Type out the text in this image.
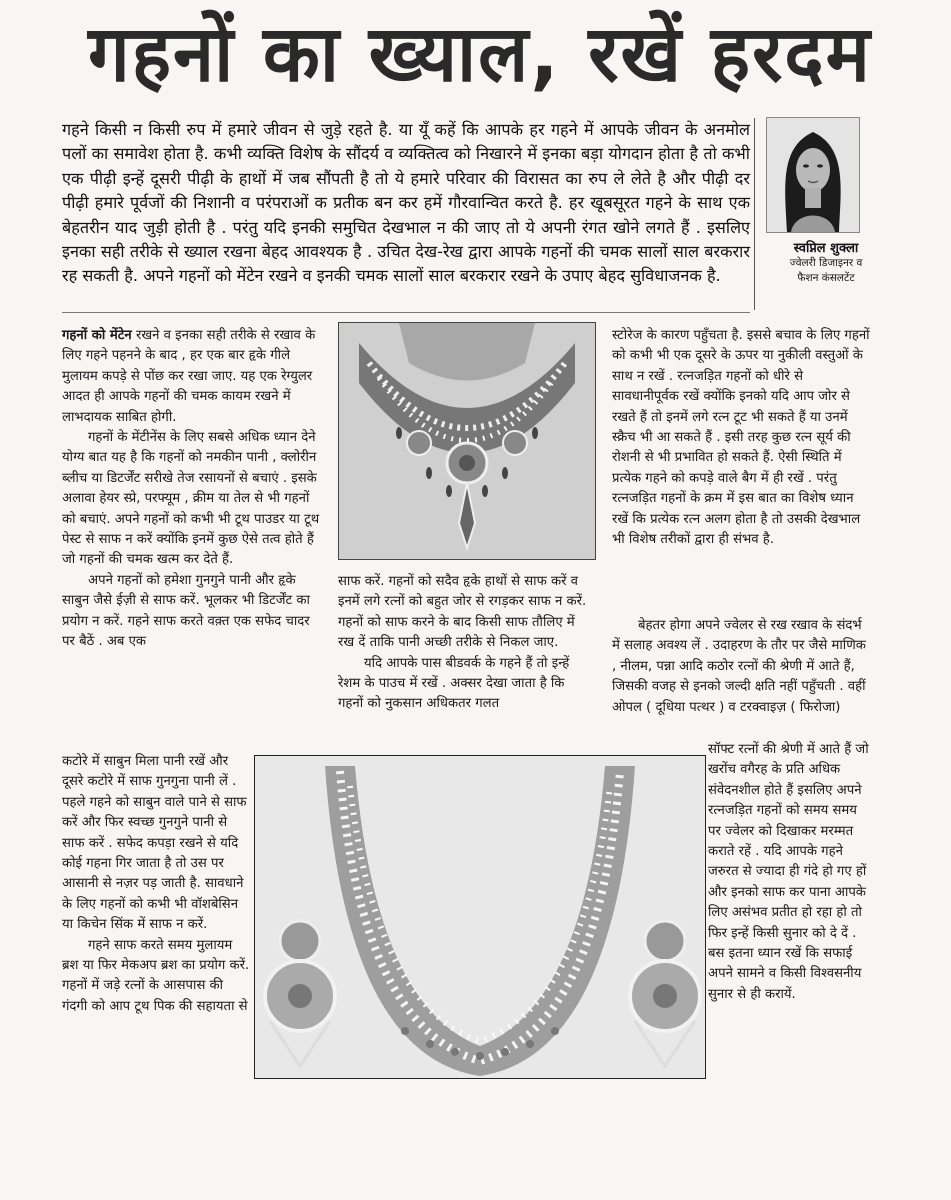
गहनों का ख्याल, रखें हरदम
गहने किसी न किसी रुप में हमारे जीवन से जुड़े रहते है. या यूँ कहें कि आपके हर गहने में आपके जीवन के अनमोल पलों का समावेश होता है. कभी व्यक्ति विशेष के सौंदर्य व व्यक्तित्व को निखारने में इनका बड़ा योगदान होता है तो कभी एक पीढ़ी इन्हें दूसरी पीढ़ी के हाथों में जब सौंपती है तो ये हमारे परिवार की विरासत का रुप ले लेते है और पीढ़ी दर पीढ़ी हमारे पूर्वजों की निशानी व परंपराओं क प्रतीक बन कर हमें गौरवान्वित करते है. हर खूबसूरत गहने के साथ एक बेहतरीन याद जुड़ी होती है . परंतु यदि इनकी समुचित देखभाल न की जाए तो ये अपनी रंगत खोने लगते हैं . इसलिए इनका सही तरीके से ख्याल रखना बेहद आवश्यक है . उचित देख-रेख द्वारा आपके गहनों की चमक सालों साल बरकरार रह सकती है. अपने गहनों को मेंटेन रखने व इनकी चमक सालों साल बरकरार रखने के उपाए बेहद सुविधाजनक है.
स्वप्निल शुक्ला
ज्वेलरी डिजाइनर व
फैशन कंसलटेंट

गहनों को मेंटेन रखने व इनका सही तरीके से रखाव के लिए गहने पहनने के बाद , हर एक बार हृके गीले मुलायम कपड़े से पोंछ कर रखा जाए. यह एक रेग्युलर आदत ही आपके गहनों की चमक कायम रखने में लाभदायक साबित होगी.

गहनों के मेंटीनेंस के लिए सबसे अधिक ध्यान देने योग्य बात यह है कि गहनों को नमकीन पानी , क्लोरीन ब्लीच या डिटर्जेंट सरीखे तेज रसायनों से बचाएं . इसके अलावा हेयर स्प्रे, परफ्यूम , क्रीम या तेल से भी गहनों को बचाएं. अपने गहनों को कभी भी टूथ पाउडर या टूथ पेस्ट से साफ न करें क्योंकि इनमें कुछ ऐसे तत्व होते हैं जो गहनों की चमक खत्म कर देते हैं.

अपने गहनों को हमेशा गुनगुने पानी और हृके साबुन जैसे ईज़ी से साफ करें. भूलकर भी डिटर्जेंट का प्रयोग न करें. गहने साफ करते वक़्त एक सफेद चादर पर बैठें . अब एक

कटोरे में साबुन मिला पानी रखें और दूसरे कटोरे में साफ गुनगुना पानी लें . पहले गहने को साबुन वाले पाने से साफ करें और फिर स्वच्छ गुनगुने पानी से साफ करें . सफेद कपड़ा रखने से यदि कोई गहना गिर जाता है तो उस पर आसानी से नज़र पड़ जाती है. सावधाने के लिए गहनों को कभी भी वॉशबेसिन या किचेन सिंक में साफ न करें.

गहने साफ करते समय मुलायम ब्रश या फिर मेकअप ब्रश का प्रयोग करें. गहनों में जड़े रत्नों के आसपास की गंदगी को आप टूथ पिक की सहायता से

साफ करें. गहनों को सदैव हृके हाथों से साफ करें व इनमें लगे रत्नों को बहुत जोर से रगड़कर साफ न करें. गहनों को साफ करने के बाद किसी साफ तौलिए में रख दें ताकि पानी अच्छी तरीके से निकल जाए.

यदि आपके पास बीडवर्क के गहने हैं तो इन्हें रेशम के पाउच में रखें . अक्सर देखा जाता है कि गहनों को नुकसान अधिकतर गलत

स्टोरेज के कारण पहुँचता है. इससे बचाव के लिए गहनों को कभी भी एक दूसरे के ऊपर या नुकीली वस्तुओं के साथ न रखें . रत्नजड़ित गहनों को धीरे से सावधानीपूर्वक रखें क्योंकि इनको यदि आप जोर से रखते हैं तो इनमें लगे रत्न टूट भी सकते हैं या उनमें स्क्रैच भी आ सकते हैं . इसी तरह कुछ रत्न सूर्य की रोशनी से भी प्रभावित हो सकते हैं. ऐसी स्थिति में प्रत्येक गहने को कपड़े वाले बैग में ही रखें . परंतु रत्नजड़ित गहनों के क्रम में इस बात का विशेष ध्यान रखें कि प्रत्येक रत्न अलग होता है तो उसकी देखभाल भी विशेष तरीकों द्वारा ही संभव है.

बेहतर होगा अपने ज्वेलर से रख रखाव के संदर्भ में सलाह अवश्य लें . उदाहरण के तौर पर जैसे माणिक , नीलम, पन्ना आदि कठोर रत्नों की श्रेणी में आते हैं, जिसकी वजह से इनको जल्दी क्षति नहीं पहुँचती . वहीं ओपल ( दूधिया पत्थर ) व टरक्वाइज़ ( फिरोजा)

सॉफ्ट रत्नों की श्रेणी में आते हैं जो खरोंच वगैरह के प्रति अधिक संवेदनशील होते हैं इसलिए अपने रत्नजड़ित गहनों को समय समय पर ज्वेलर को दिखाकर मरम्मत कराते रहें . यदि आपके गहने जरुरत से ज्यादा ही गंदे हो गए हों और इनको साफ कर पाना आपके लिए असंभव प्रतीत हो रहा हो तो फिर इन्हें किसी सुनार को दे दें . बस इतना ध्यान रखें कि सफाई अपने सामने व किसी विश्वसनीय सुनार से ही करायें.
